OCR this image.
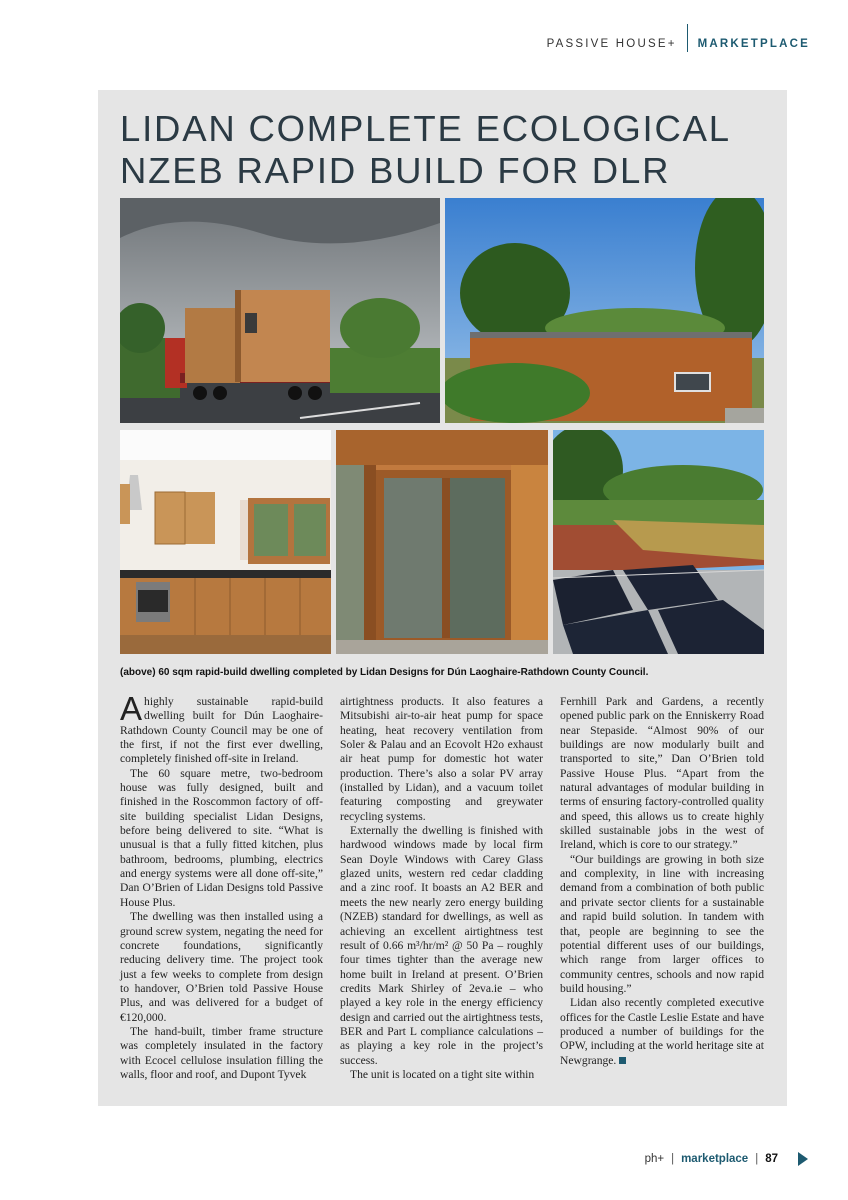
PASSIVE HOUSE+ MARKETPLACE
LIDAN COMPLETE ECOLOGICAL
NZEB RAPID BUILD FOR DLR

(above) 60 sqm rapid-build dwelling completed by Lidan Designs for Dún Laoghaire-Rathdown County Council.

Ahighly sustainable rapid-build dwelling built for Dún Laoghaire-Rathdown County Council may be one of the first, if not the first ever dwelling, completely finished off-site in Ireland.

The 60 square metre, two-bedroom house was fully designed, built and finished in the Roscommon factory of off-site building specialist Lidan Designs, before being delivered to site. “What is unusual is that a fully fitted kitchen, plus bathroom, bedrooms, plumbing, electrics and energy systems were all done off-site,” Dan O’Brien of Lidan Designs told Passive House Plus.

The dwelling was then installed using a ground screw system, negating the need for concrete foundations, significantly reducing delivery time. The project took just a few weeks to complete from design to handover, O’Brien told Passive House Plus, and was delivered for a budget of €120,000.

The hand-built, timber frame structure was completely insulated in the factory with Ecocel cellulose insulation filling the walls, floor and roof, and Dupont Tyvek

airtightness products. It also features a Mitsubishi air-to-air heat pump for space heating, heat recovery ventilation from Soler & Palau and an Ecovolt H2o exhaust air heat pump for domestic hot water production. There’s also a solar PV array (installed by Lidan), and a vacuum toilet featuring composting and greywater recycling systems.

Externally the dwelling is finished with hardwood windows made by local firm Sean Doyle Windows with Carey Glass glazed units, western red cedar cladding and a zinc roof. It boasts an A2 BER and meets the new nearly zero energy building (NZEB) standard for dwellings, as well as achieving an excellent airtightness test result of 0.66 m³/hr/m² @ 50 Pa – roughly four times tighter than the average new home built in Ireland at present. O’Brien credits Mark Shirley of 2eva.ie – who played a key role in the energy efficiency design and carried out the airtightness tests, BER and Part L compliance calculations – as playing a key role in the project’s success.

The unit is located on a tight site within

Fernhill Park and Gardens, a recently opened public park on the Enniskerry Road near Stepaside. “Almost 90% of our buildings are now modularly built and transported to site,” Dan O’Brien told Passive House Plus. “Apart from the natural advantages of modular building in terms of ensuring factory-controlled quality and speed, this allows us to create highly skilled sustainable jobs in the west of Ireland, which is core to our strategy.”

“Our buildings are growing in both size and complexity, in line with increasing demand from a combination of both public and private sector clients for a sustainable and rapid build solution. In tandem with that, people are beginning to see the potential different uses of our buildings, which range from larger offices to community centres, schools and now rapid build housing.”

Lidan also recently completed executive offices for the Castle Leslie Estate and have produced a number of buildings for the OPW, including at the world heritage site at Newgrange.

ph+ | marketplace | 87
